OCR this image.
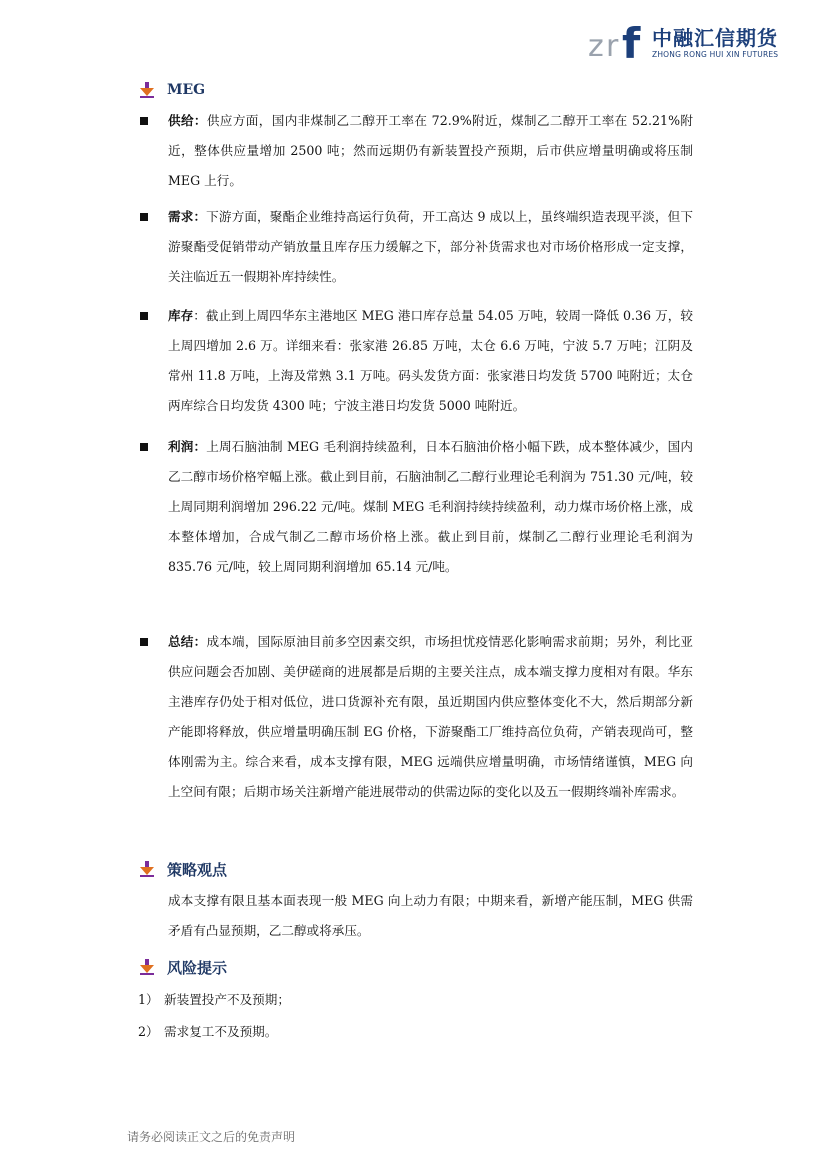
z r f 中融汇信期货
ZHONG RONG HUI XIN FUTURES
MEG
供给：供应方面，国内非煤制乙二醇开工率在 72.9%附近，煤制乙二醇开工率在 52.21%附近，整体供应量增加 2500 吨；然而远期仍有新装置投产预期，后市供应增量明确或将压制 MEG 上行。
需求：下游方面，聚酯企业维持高运行负荷，开工高达 9 成以上，虽终端织造表现平淡，但下游聚酯受促销带动产销放量且库存压力缓解之下，部分补货需求也对市场价格形成一定支撑，关注临近五一假期补库持续性。
库存：截止到上周四华东主港地区 MEG 港口库存总量 54.05 万吨，较周一降低 0.36 万，较上周四增加 2.6 万。详细来看：张家港 26.85 万吨，太仓 6.6 万吨，宁波 5.7 万吨；江阴及常州 11.8 万吨，上海及常熟 3.1 万吨。码头发货方面：张家港日均发货 5700 吨附近；太仓两库综合日均发货 4300 吨；宁波主港日均发货 5000 吨附近。
利润：上周石脑油制 MEG 毛利润持续盈利，日本石脑油价格小幅下跌，成本整体减少，国内乙二醇市场价格窄幅上涨。截止到目前，石脑油制乙二醇行业理论毛利润为 751.30 元/吨，较上周同期利润增加 296.22 元/吨。煤制 MEG 毛利润持续持续盈利，动力煤市场价格上涨，成本整体增加，合成气制乙二醇市场价格上涨。截止到目前，煤制乙二醇行业理论毛利润为 835.76 元/吨，较上周同期利润增加 65.14 元/吨。
总结：成本端，国际原油目前多空因素交织，市场担忧疫情恶化影响需求前期；另外，利比亚供应问题会否加剧、美伊磋商的进展都是后期的主要关注点，成本端支撑力度相对有限。华东主港库存仍处于相对低位，进口货源补充有限，虽近期国内供应整体变化不大，然后期部分新产能即将释放，供应增量明确压制 EG 价格，下游聚酯工厂维持高位负荷，产销表现尚可，整体刚需为主。综合来看，成本支撑有限，MEG 远端供应增量明确，市场情绪谨慎，MEG 向上空间有限；后期市场关注新增产能进展带动的供需边际的变化以及五一假期终端补库需求。
策略观点
成本支撑有限且基本面表现一般 MEG 向上动力有限；中期来看，新增产能压制，MEG 供需矛盾有凸显预期，乙二醇或将承压。
风险提示
1） 新装置投产不及预期；
2） 需求复工不及预期。
请务必阅读正文之后的免责声明
